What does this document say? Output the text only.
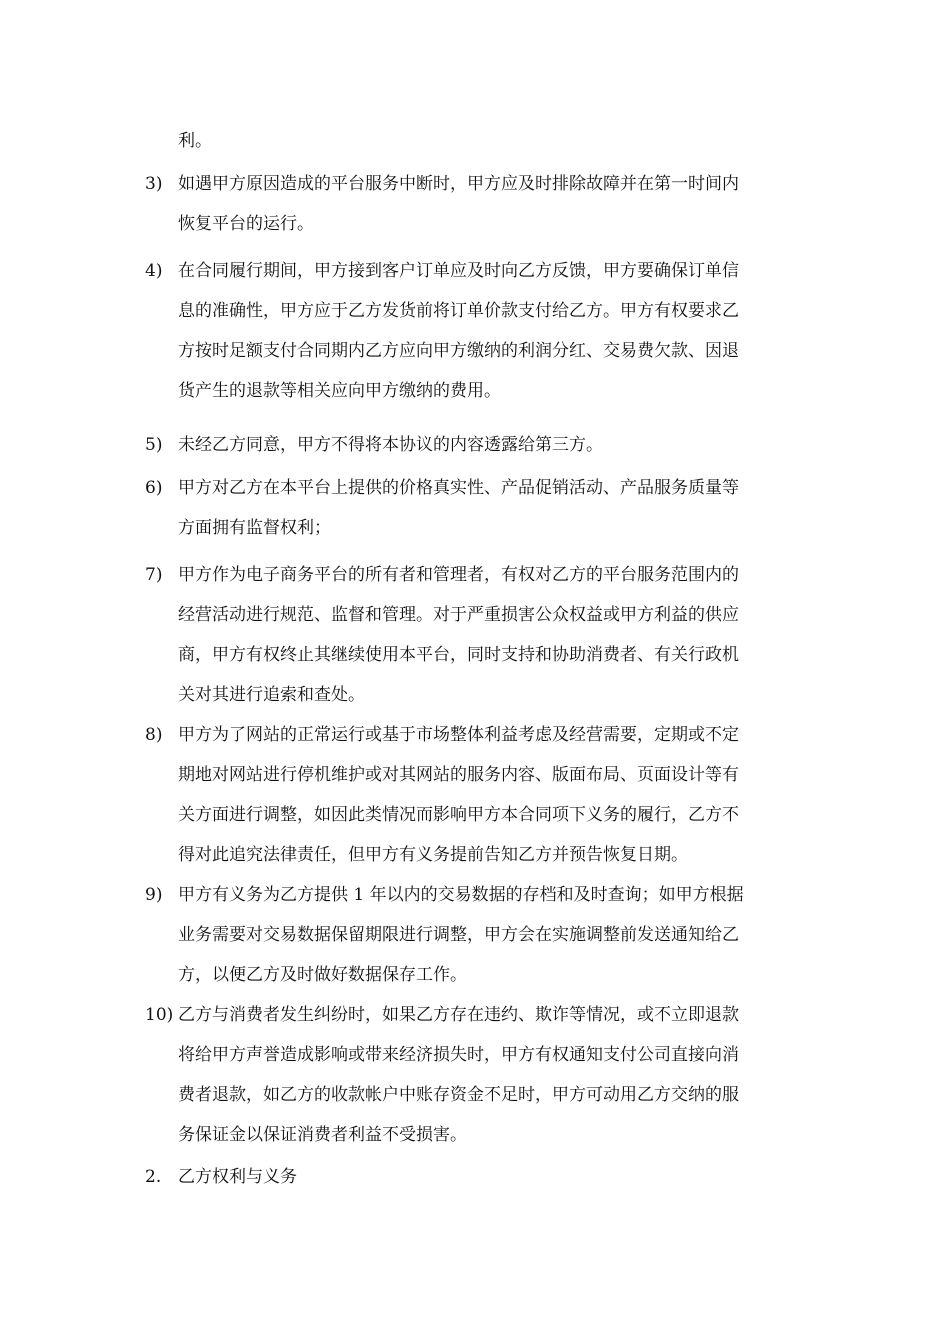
利。

3) 如遇甲方原因造成的平台服务中断时，甲方应及时排除故障并在第一时间内
恢复平台的运行。
4) 在合同履行期间，甲方接到客户订单应及时向乙方反馈，甲方要确保订单信
息的准确性，甲方应于乙方发货前将订单价款支付给乙方。甲方有权要求乙
方按时足额支付合同期内乙方应向甲方缴纳的利润分红、交易费欠款、因退
货产生的退款等相关应向甲方缴纳的费用。
5) 未经乙方同意，甲方不得将本协议的内容透露给第三方。
6) 甲方对乙方在本平台上提供的价格真实性、产品促销活动、产品服务质量等
方面拥有监督权利；
7) 甲方作为电子商务平台的所有者和管理者，有权对乙方的平台服务范围内的
经营活动进行规范、监督和管理。对于严重损害公众权益或甲方利益的供应
商，甲方有权终止其继续使用本平台，同时支持和协助消费者、有关行政机
关对其进行追索和查处。
8) 甲方为了网站的正常运行或基于市场整体利益考虑及经营需要，定期或不定
期地对网站进行停机维护或对其网站的服务内容、版面布局、页面设计等有
关方面进行调整，如因此类情况而影响甲方本合同项下义务的履行，乙方不
得对此追究法律责任，但甲方有义务提前告知乙方并预告恢复日期。
9) 甲方有义务为乙方提供 1 年以内的交易数据的存档和及时查询；如甲方根据
业务需要对交易数据保留期限进行调整，甲方会在实施调整前发送通知给乙
方，以便乙方及时做好数据保存工作。
10) 乙方与消费者发生纠纷时，如果乙方存在违约、欺诈等情况，或不立即退款
将给甲方声誉造成影响或带来经济损失时，甲方有权通知支付公司直接向消
费者退款，如乙方的收款帐户中账存资金不足时，甲方可动用乙方交纳的服
务保证金以保证消费者利益不受损害。
2. 乙方权利与义务
